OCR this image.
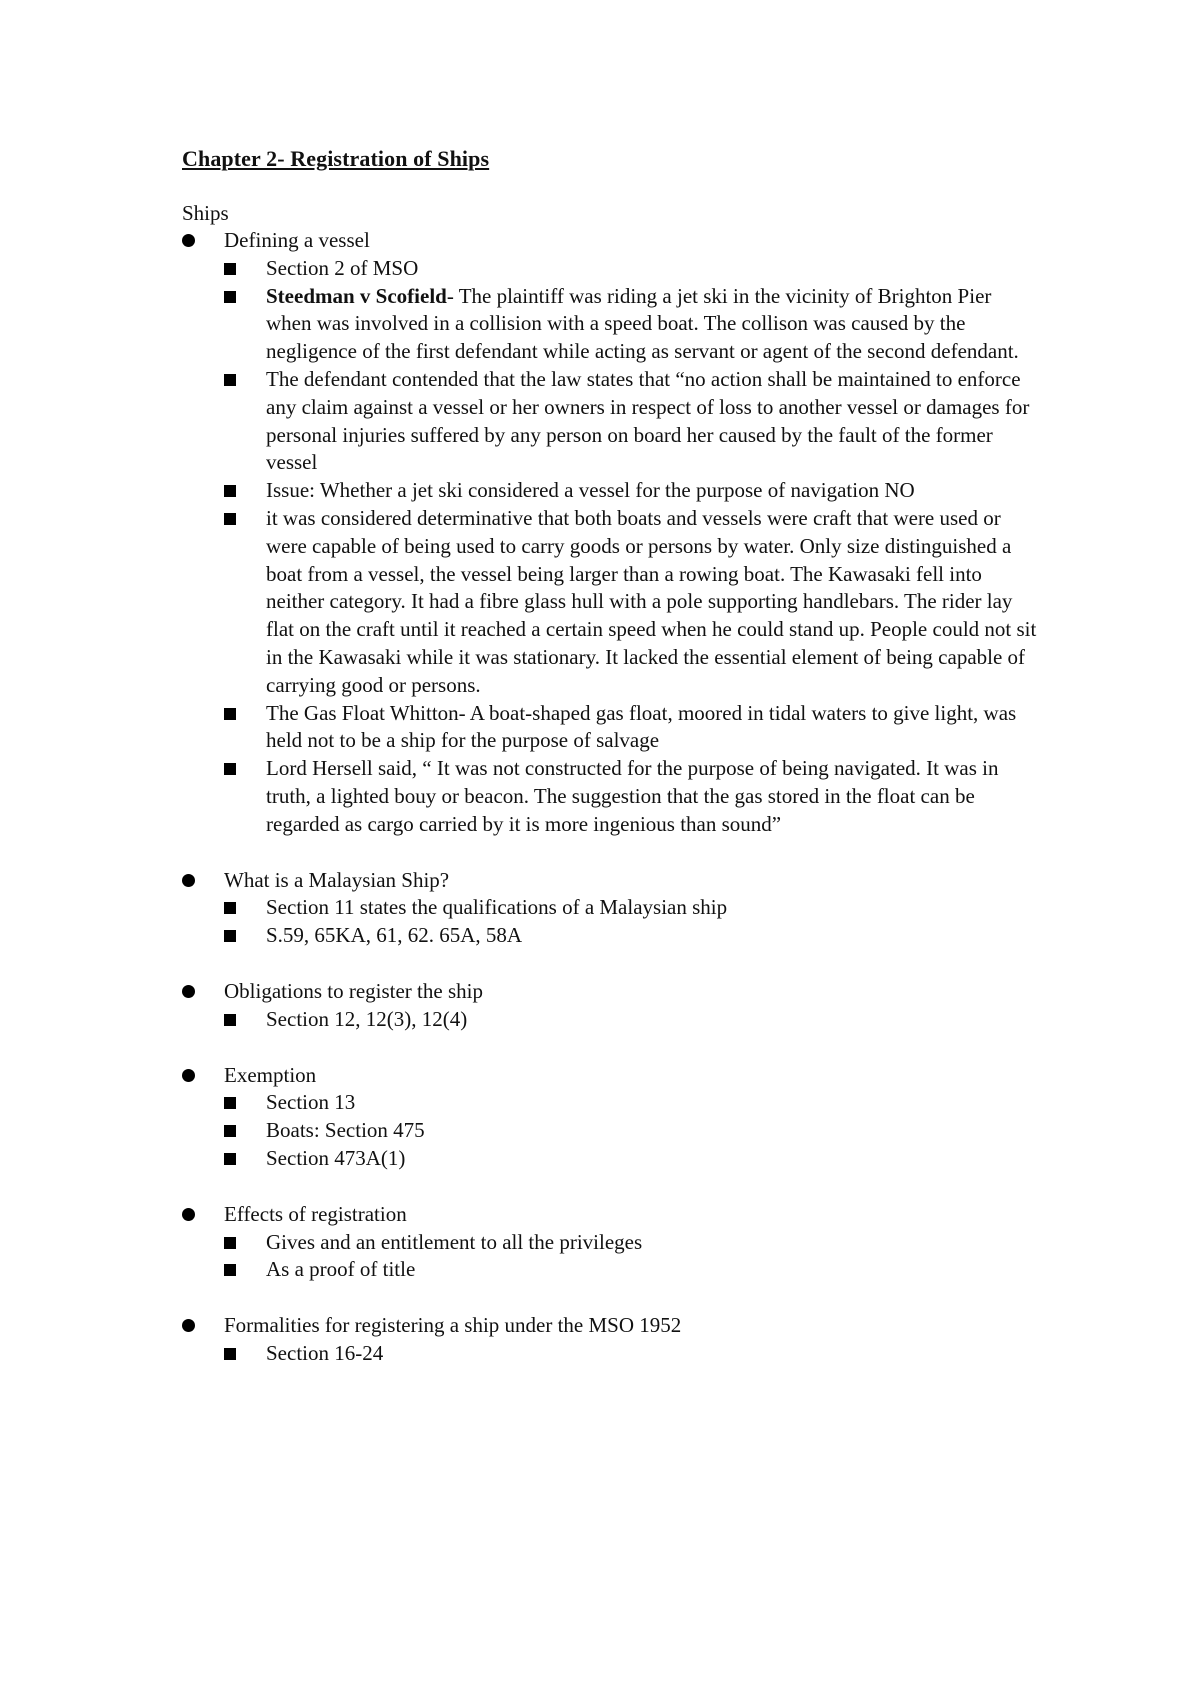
Chapter 2- Registration of Ships
Ships
Defining a vessel
Section 2 of MSO
Steedman v Scofield- The plaintiff was riding a jet ski in the vicinity of Brighton Pier when was involved in a collision with a speed boat. The collison was caused by the negligence of the first defendant while acting as servant or agent of the second defendant.
The defendant contended that the law states that “no action shall be maintained to enforce any claim against a vessel or her owners in respect of loss to another vessel or damages for personal injuries suffered by any person on board her caused by the fault of the former vessel
Issue: Whether a jet ski considered a vessel for the purpose of navigation NO
it was considered determinative that both boats and vessels were craft that were used or were capable of being used to carry goods or persons by water. Only size distinguished a boat from a vessel, the vessel being larger than a rowing boat. The Kawasaki fell into neither category. It had a fibre glass hull with a pole supporting handlebars. The rider lay flat on the craft until it reached a certain speed when he could stand up. People could not sit in the Kawasaki while it was stationary. It lacked the essential element of being capable of carrying good or persons.
The Gas Float Whitton- A boat-shaped gas float, moored in tidal waters to give light, was held not to be a ship for the purpose of salvage
Lord Hersell said, “ It was not constructed for the purpose of being navigated. It was in truth, a lighted bouy or beacon. The suggestion that the gas stored in the float can be regarded as cargo carried by it is more ingenious than sound”
What is a Malaysian Ship?
Section 11 states the qualifications of a Malaysian ship
S.59, 65KA, 61, 62. 65A, 58A
Obligations to register the ship
Section 12, 12(3), 12(4)
Exemption
Section 13
Boats: Section 475
Section 473A(1)
Effects of registration
Gives and an entitlement to all the privileges
As a proof of title
Formalities for registering a ship under the MSO 1952
Section 16-24
